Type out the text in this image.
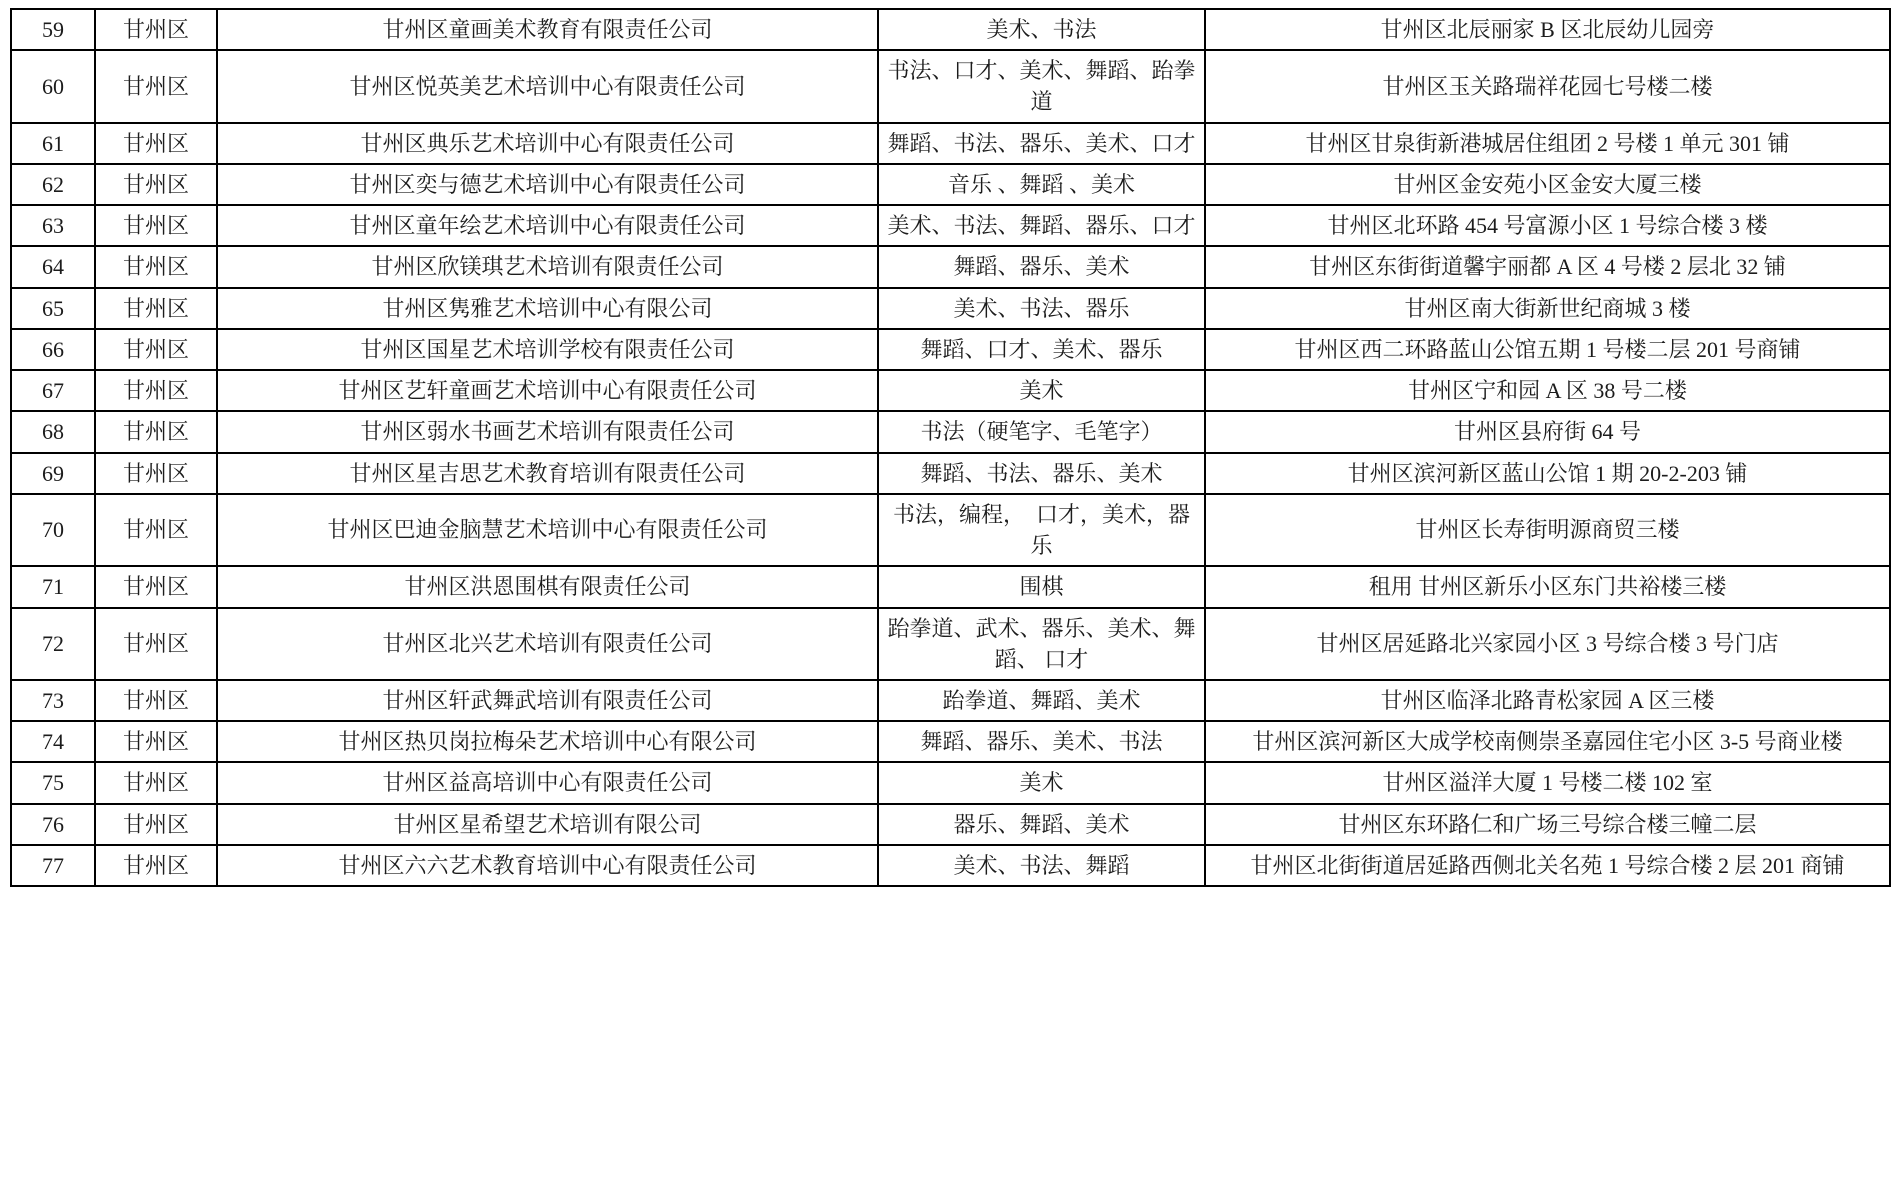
59	甘州区	甘州区童画美术教育有限责任公司	美术、书法	甘州区北辰丽家 B 区北辰幼儿园旁
60	甘州区	甘州区悦英美艺术培训中心有限责任公司	书法、口才、美术、舞蹈、跆拳道	甘州区玉关路瑞祥花园七号楼二楼
61	甘州区	甘州区典乐艺术培训中心有限责任公司	舞蹈、书法、器乐、美术、口才	甘州区甘泉街新港城居住组团 2 号楼 1 单元 301 铺
62	甘州区	甘州区奕与德艺术培训中心有限责任公司	音乐 、舞蹈 、美术	甘州区金安苑小区金安大厦三楼
63	甘州区	甘州区童年绘艺术培训中心有限责任公司	美术、书法、舞蹈、器乐、口才	甘州区北环路 454 号富源小区 1 号综合楼 3 楼
64	甘州区	甘州区欣镁琪艺术培训有限责任公司	舞蹈、器乐、美术	甘州区东街街道馨宇丽都 A 区 4 号楼 2 层北 32 铺
65	甘州区	甘州区隽雅艺术培训中心有限公司	美术、书法、器乐	甘州区南大街新世纪商城 3 楼
66	甘州区	甘州区国星艺术培训学校有限责任公司	舞蹈、口才、美术、器乐	甘州区西二环路蓝山公馆五期 1 号楼二层 201 号商铺
67	甘州区	甘州区艺轩童画艺术培训中心有限责任公司	美术	甘州区宁和园 A 区 38 号二楼
68	甘州区	甘州区弱水书画艺术培训有限责任公司	书法（硬笔字、毛笔字）	甘州区县府街 64 号
69	甘州区	甘州区星吉思艺术教育培训有限责任公司	舞蹈、书法、器乐、美术	甘州区滨河新区蓝山公馆 1 期 20-2-203 铺
70	甘州区	甘州区巴迪金脑慧艺术培训中心有限责任公司	书法，编程，　口才，美术，器乐	甘州区长寿街明源商贸三楼
71	甘州区	甘州区洪恩围棋有限责任公司	围棋	租用 甘州区新乐小区东门共裕楼三楼
72	甘州区	甘州区北兴艺术培训有限责任公司	跆拳道、武术、器乐、美术、舞蹈、 口才	甘州区居延路北兴家园小区 3 号综合楼 3 号门店
73	甘州区	甘州区轩武舞武培训有限责任公司	跆拳道、舞蹈、美术	甘州区临泽北路青松家园 A 区三楼
74	甘州区	甘州区热贝岗拉梅朵艺术培训中心有限公司	舞蹈、器乐、美术、书法	甘州区滨河新区大成学校南侧崇圣嘉园住宅小区 3-5 号商业楼
75	甘州区	甘州区益高培训中心有限责任公司	美术	甘州区溢洋大厦 1 号楼二楼 102 室
76	甘州区	甘州区星希望艺术培训有限公司	器乐、舞蹈、美术	甘州区东环路仁和广场三号综合楼三幢二层
77	甘州区	甘州区六六艺术教育培训中心有限责任公司	美术、书法、舞蹈	甘州区北街街道居延路西侧北关名苑 1 号综合楼 2 层 201 商铺
